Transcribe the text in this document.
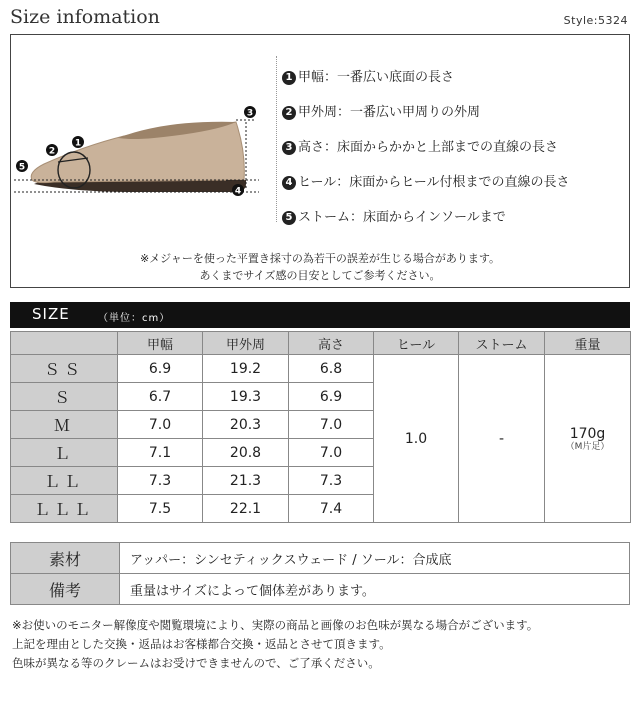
Size infomation	Style:5324
1
2
3
4
5
1 甲幅：一番広い底面の長さ
2 甲外周：一番広い甲周りの外周
3 高さ：床面からかかと上部までの直線の長さ
4 ヒール：床面からヒール付根までの直線の長さ
5 ストーム：床面からインソールまで
※メジャーを使った平置き採寸の為若干の誤差が生じる場合があります。
あくまでサイズ感の目安としてご参考ください。
SIZE	（単位：cm）
	甲幅	甲外周	高さ	ヒール	ストーム	重量
ＳＳ	6.9	19.2	6.8	1.0	-	170g
（M片足）

Ｓ	6.7	19.3	6.9			
Ｍ	7.0	20.3	7.0			
Ｌ	7.1	20.8	7.0			
ＬＬ	7.3	21.3	7.3			
ＬＬＬ	7.5	22.1	7.4			
素材	アッパー：シンセティックスウェード / ソール：合成底
備考	重量はサイズによって個体差があります。
※お使いのモニター解像度や閲覧環境により、実際の商品と画像のお色味が異なる場合がございます。
上記を理由とした交換・返品はお客様都合交換・返品とさせて頂きます。
色味が異なる等のクレームはお受けできませんので、ご了承ください。
